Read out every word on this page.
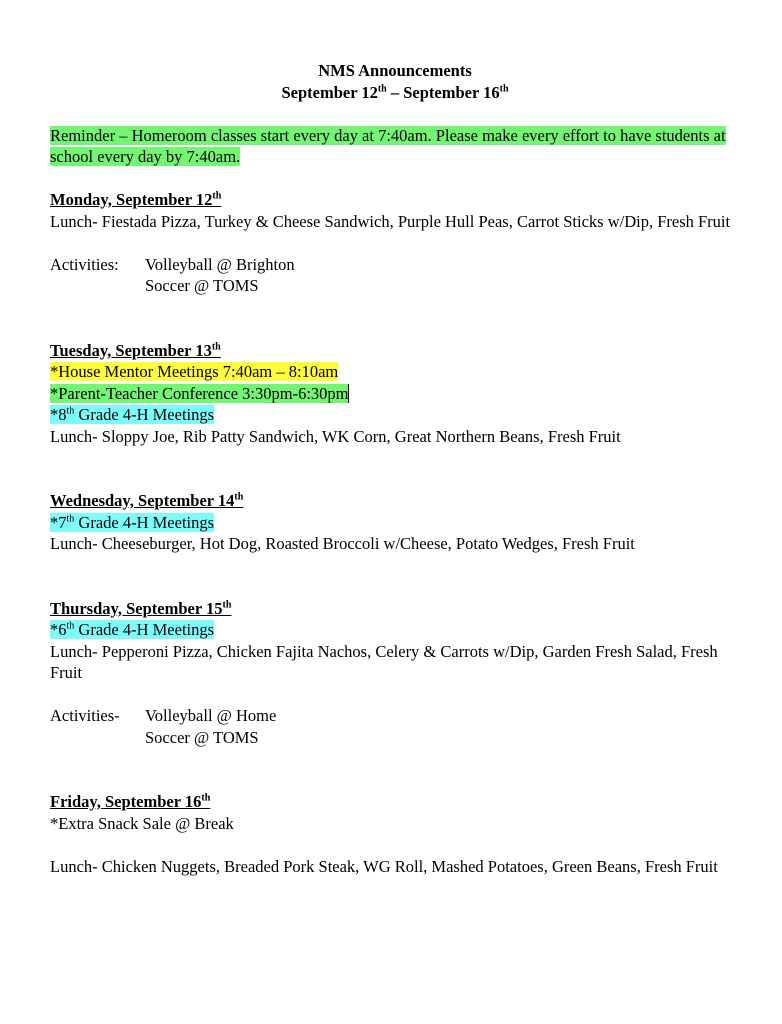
NMS Announcements

September 12th – September 16th

Reminder – Homeroom classes start every day at 7:40am. Please make every effort to have students at school every day by 7:40am.

Monday, September 12th

Lunch- Fiestada Pizza, Turkey & Cheese Sandwich, Purple Hull Peas, Carrot Sticks w/Dip, Fresh Fruit

Activities:	Volleyball @ Brighton
Soccer @ TOMS

Tuesday, September 13th

*House Mentor Meetings 7:40am – 8:10am

*Parent-Teacher Conference 3:30pm-6:30pm

*8th Grade 4-H Meetings

Lunch- Sloppy Joe, Rib Patty Sandwich, WK Corn, Great Northern Beans, Fresh Fruit

Wednesday, September 14th

*7th Grade 4-H Meetings

Lunch- Cheeseburger, Hot Dog, Roasted Broccoli w/Cheese, Potato Wedges, Fresh Fruit

Thursday, September 15th

*6th Grade 4-H Meetings

Lunch- Pepperoni Pizza, Chicken Fajita Nachos, Celery & Carrots w/Dip, Garden Fresh Salad, Fresh Fruit

Activities-	Volleyball @ Home
Soccer @ TOMS

Friday, September 16th

*Extra Snack Sale @ Break

Lunch- Chicken Nuggets, Breaded Pork Steak, WG Roll, Mashed Potatoes, Green Beans, Fresh Fruit
